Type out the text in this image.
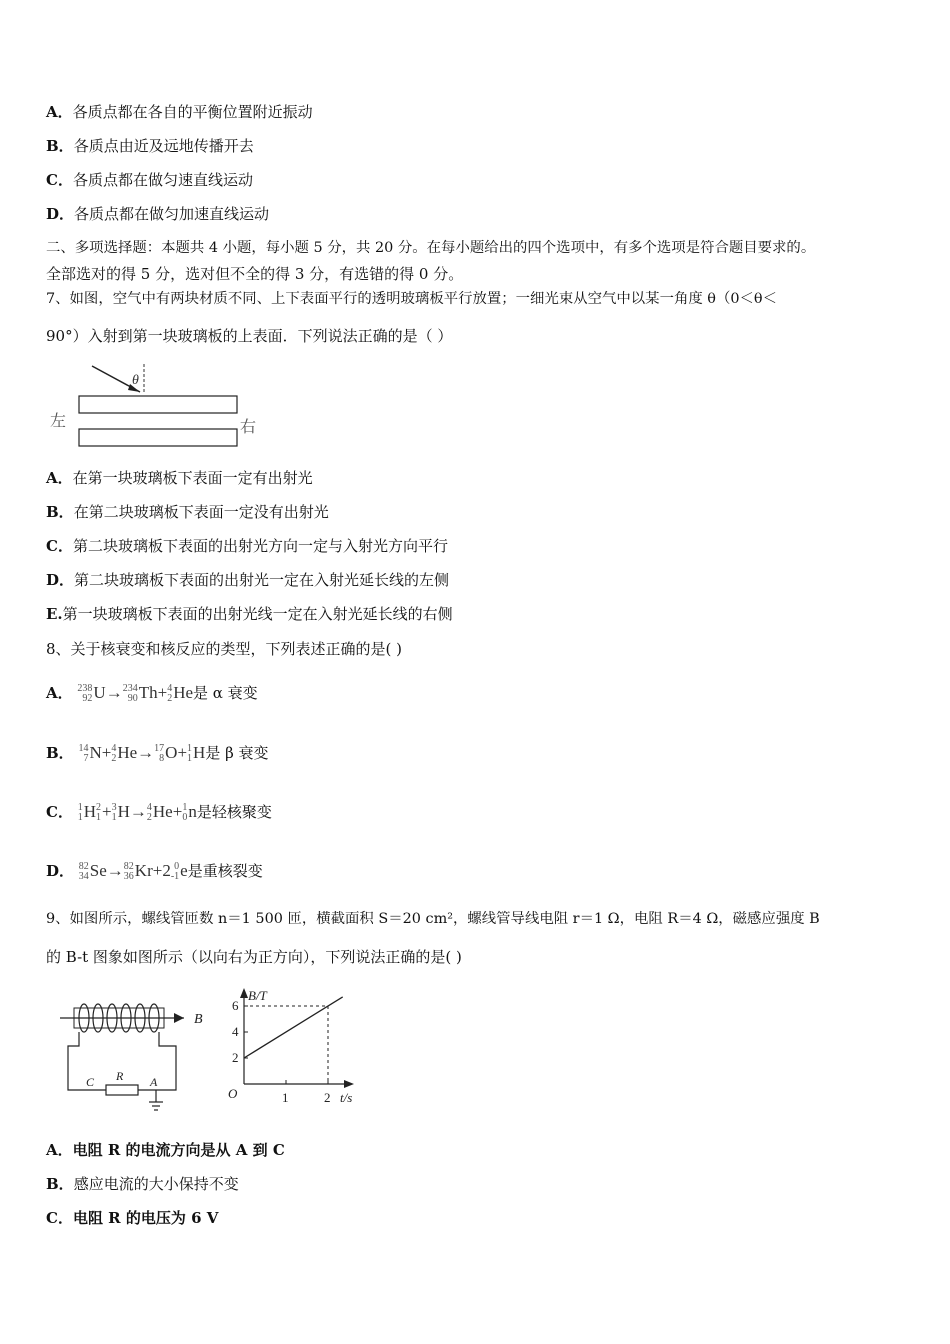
A．各质点都在各自的平衡位置附近振动
B．各质点由近及远地传播开去
C．各质点都在做匀速直线运动
D．各质点都在做匀加速直线运动
二、多项选择题：本题共 4 小题，每小题 5 分，共 20 分。在每小题给出的四个选项中，有多个选项是符合题目要求的。
全部选对的得 5 分，选对但不全的得 3 分，有选错的得 0 分。
7、如图，空气中有两块材质不同、上下表面平行的透明玻璃板平行放置；一细光束从空气中以某一角度 θ（0＜θ＜
90°）入射到第一块玻璃板的上表面．下列说法正确的是（ ）
θ
左	右
A．在第一块玻璃板下表面一定有出射光
B．在第二块玻璃板下表面一定没有出射光
C．第二块玻璃板下表面的出射光方向一定与入射光方向平行
D．第二块玻璃板下表面的出射光一定在入射光延长线的左侧
E.第一块玻璃板下表面的出射光线一定在入射光延长线的右侧
8、关于核衰变和核反应的类型，下列表述正确的是( )
A． 238
92 U→ 234
90 Th+ 4
2 He是 α 衰变
B． 14
7 N+ 4
2 He→ 17
8 O+ 1
1 H是 β 衰变
C． 1
1 H 2
1 + 3
1 H→ 4
2 He+ 1
0 n是轻核聚变
D． 82
34 Se→ 82
36 Kr+2 0
-1 e是重核裂变
9、如图所示，螺线管匝数 n＝1 500 匝，横截面积 S＝20 cm²，螺线管导线电阻 r＝1 Ω，电阻 R＝4 Ω，磁感应强度 B
的 B-t 图象如图所示（以向右为正方向），下列说法正确的是( )
B
R
C	A
B/T
t/s
O
2
4
6
1	2
A．电阻 R 的电流方向是从 A 到 C
B．感应电流的大小保持不变
C．电阻 R 的电压为 6 V
